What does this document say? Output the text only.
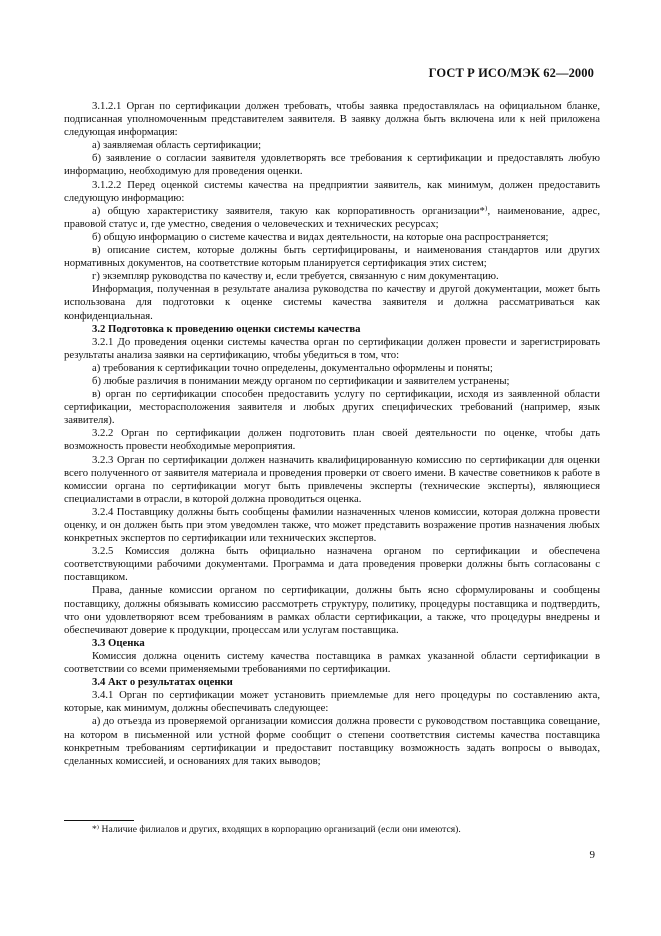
ГОСТ Р ИСО/МЭК 62—2000

3.1.2.1 Орган по сертификации должен требовать, чтобы заявка предоставлялась на официальном бланке, подписанная уполномоченным представителем заявителя. В заявку должна быть включена или к ней приложена следующая информация:

а) заявляемая область сертификации;

б) заявление о согласии заявителя удовлетворять все требования к сертификации и предоставлять любую информацию, необходимую для проведения оценки.

3.1.2.2 Перед оценкой системы качества на предприятии заявитель, как минимум, должен предоставить следующую информацию:

а) общую характеристику заявителя, такую как корпоративность организации*⁾, наименование, адрес, правовой статус и, где уместно, сведения о человеческих и технических ресурсах;

б) общую информацию о системе качества и видах деятельности, на которые она распространяется;

в) описание систем, которые должны быть сертифицированы, и наименования стандартов или других нормативных документов, на соответствие которым планируется сертификация этих систем;

г) экземпляр руководства по качеству и, если требуется, связанную с ним документацию.

Информация, полученная в результате анализа руководства по качеству и другой документации, может быть использована для подготовки к оценке системы качества заявителя и должна рассматриваться как конфиденциальная.

3.2 Подготовка к проведению оценки системы качества

3.2.1 До проведения оценки системы качества орган по сертификации должен провести и зарегистрировать результаты анализа заявки на сертификацию, чтобы убедиться в том, что:

а) требования к сертификации точно определены, документально оформлены и поняты;

б) любые различия в понимании между органом по сертификации и заявителем устранены;

в) орган по сертификации способен предоставить услугу по сертификации, исходя из заявленной области сертификации, месторасположения заявителя и любых других специфических требований (например, язык заявителя).

3.2.2 Орган по сертификации должен подготовить план своей деятельности по оценке, чтобы дать возможность провести необходимые мероприятия.

3.2.3 Орган по сертификации должен назначить квалифицированную комиссию по сертификации для оценки всего полученного от заявителя материала и проведения проверки от своего имени. В качестве советников к работе в комиссии органа по сертификации могут быть привлечены эксперты (технические эксперты), являющиеся специалистами в отрасли, в которой должна проводиться оценка.

3.2.4 Поставщику должны быть сообщены фамилии назначенных членов комиссии, которая должна провести оценку, и он должен быть при этом уведомлен также, что может представить возражение против назначения любых конкретных экспертов по сертификации или технических экспертов.

3.2.5 Комиссия должна быть официально назначена органом по сертификации и обеспечена соответствующими рабочими документами. Программа и дата проведения проверки должны быть согласованы с поставщиком.

Права, данные комиссии органом по сертификации, должны быть ясно сформулированы и сообщены поставщику, должны обязывать комиссию рассмотреть структуру, политику, процедуры поставщика и подтвердить, что они удовлетворяют всем требованиям в рамках области сертификации, а также, что процедуры внедрены и обеспечивают доверие к продукции, процессам или услугам поставщика.

3.3 Оценка

Комиссия должна оценить систему качества поставщика в рамках указанной области сертификации в соответствии со всеми применяемыми требованиями по сертификации.

3.4 Акт о результатах оценки

3.4.1 Орган по сертификации может установить приемлемые для него процедуры по составлению акта, которые, как минимум, должны обеспечивать следующее:

а) до отъезда из проверяемой организации комиссия должна провести с руководством поставщика совещание, на котором в письменной или устной форме сообщит о степени соответствия системы качества поставщика конкретным требованиям сертификации и предоставит поставщику возможность задать вопросы о выводах, сделанных комиссией, и основаниях для таких выводов;

*⁾ Наличие филиалов и других, входящих в корпорацию организаций (если они имеются).
9
